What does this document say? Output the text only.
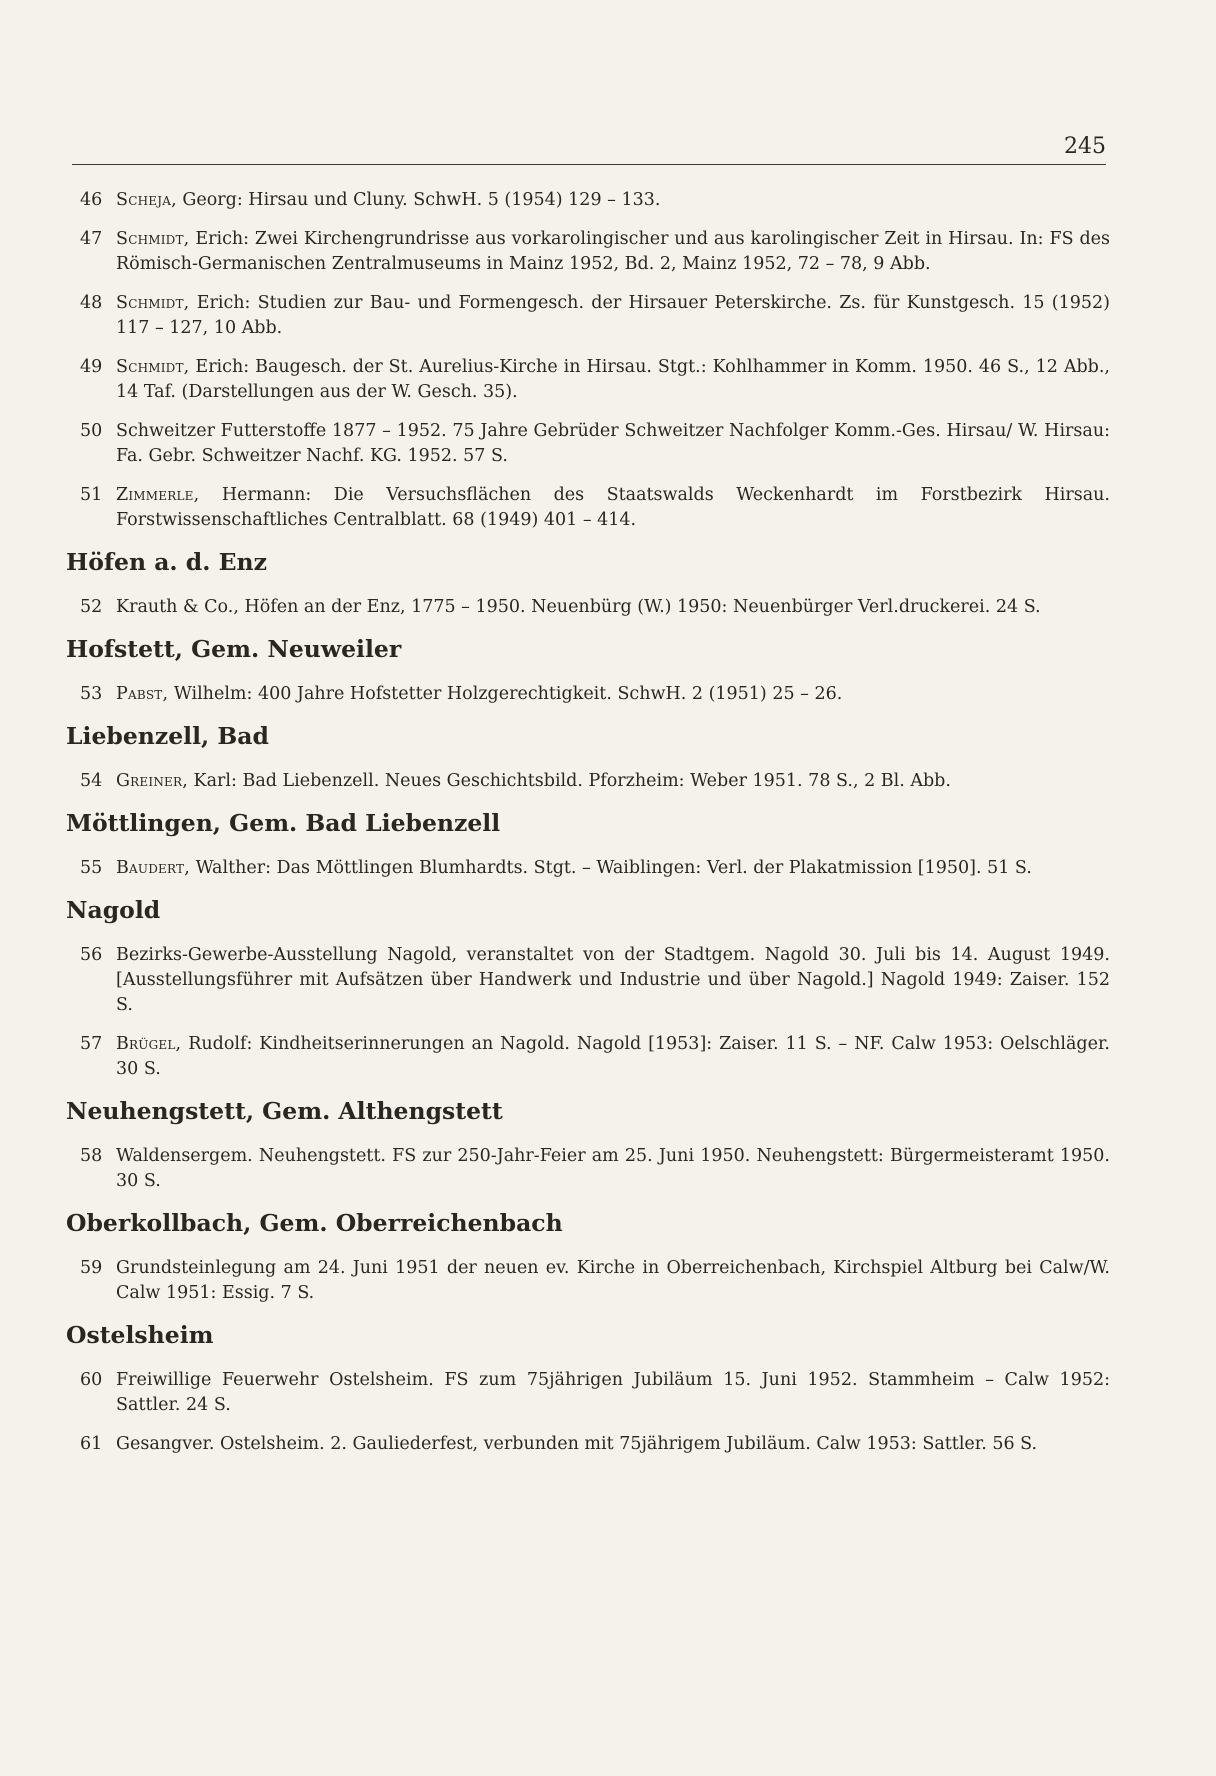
245
46 Scheja, Georg: Hirsau und Cluny. SchwH. 5 (1954) 129 – 133.
47 Schmidt, Erich: Zwei Kirchengrundrisse aus vorkarolingischer und aus karolingischer Zeit in Hirsau. In: FS des Römisch-Germanischen Zentralmuseums in Mainz 1952, Bd. 2, Mainz 1952, 72 – 78, 9 Abb.
48 Schmidt, Erich: Studien zur Bau- und Formengesch. der Hirsauer Peterskirche. Zs. für Kunstgesch. 15 (1952) 117 – 127, 10 Abb.
49 Schmidt, Erich: Baugesch. der St. Aurelius-Kirche in Hirsau. Stgt.: Kohlhammer in Komm. 1950. 46 S., 12 Abb., 14 Taf. (Darstellungen aus der W. Gesch. 35).
50 Schweitzer Futterstoffe 1877 – 1952. 75 Jahre Gebrüder Schweitzer Nachfolger Komm.-Ges. Hirsau/ W. Hirsau: Fa. Gebr. Schweitzer Nachf. KG. 1952. 57 S.
51 Zimmerle, Hermann: Die Versuchsflächen des Staatswalds Weckenhardt im Forstbezirk Hirsau. Forstwissenschaftliches Centralblatt. 68 (1949) 401 – 414.
Höfen a. d. Enz
52 Krauth & Co., Höfen an der Enz, 1775 – 1950. Neuenbürg (W.) 1950: Neuenbürger Verl.druckerei. 24 S.
Hofstett, Gem. Neuweiler
53 Pabst, Wilhelm: 400 Jahre Hofstetter Holzgerechtigkeit. SchwH. 2 (1951) 25 – 26.
Liebenzell, Bad
54 Greiner, Karl: Bad Liebenzell. Neues Geschichtsbild. Pforzheim: Weber 1951. 78 S., 2 Bl. Abb.
Möttlingen, Gem. Bad Liebenzell
55 Baudert, Walther: Das Möttlingen Blumhardts. Stgt. – Waiblingen: Verl. der Plakatmission [1950]. 51 S.
Nagold
56 Bezirks-Gewerbe-Ausstellung Nagold, veranstaltet von der Stadtgem. Nagold 30. Juli bis 14. August 1949. [Ausstellungsführer mit Aufsätzen über Handwerk und Industrie und über Nagold.] Nagold 1949: Zaiser. 152 S.
57 Brügel, Rudolf: Kindheitserinnerungen an Nagold. Nagold [1953]: Zaiser. 11 S. – NF. Calw 1953: Oelschläger. 30 S.
Neuhengstett, Gem. Althengstett
58 Waldensergem. Neuhengstett. FS zur 250-Jahr-Feier am 25. Juni 1950. Neuhengstett: Bürgermeisteramt 1950. 30 S.
Oberkollbach, Gem. Oberreichenbach
59 Grundsteinlegung am 24. Juni 1951 der neuen ev. Kirche in Oberreichenbach, Kirchspiel Altburg bei Calw/W. Calw 1951: Essig. 7 S.
Ostelsheim
60 Freiwillige Feuerwehr Ostelsheim. FS zum 75jährigen Jubiläum 15. Juni 1952. Stammheim – Calw 1952: Sattler. 24 S.
61 Gesangver. Ostelsheim. 2. Gauliederfest, verbunden mit 75jährigem Jubiläum. Calw 1953: Sattler. 56 S.
